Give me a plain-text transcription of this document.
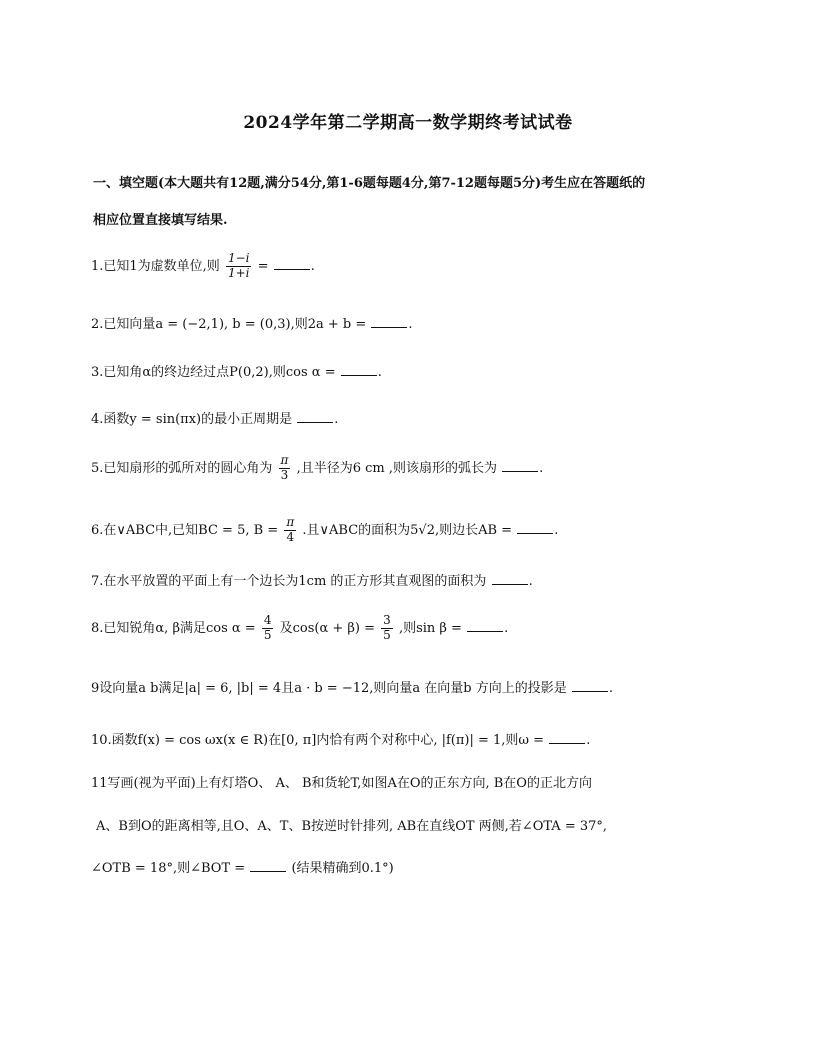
2024学年第二学期高一数学期终考试试卷
一、填空题(本大题共有12题,满分54分,第1-6题每题4分,第7-12题每题5分)考生应在答题纸的
相应位置直接填写结果.
1.已知1为虚数单位,则 $\frac{1-i}{1+i}$ =	.
2.已知向量a = (−2,1), b = (0,3),则2a + b =	.
3.已知角α的终边经过点P(0,2),则cos α =	.
4.函数y = sin(πx)的最小正周期是	.
5.已知扇形的弧所对的圆心角为 $\frac{\pi}{3}$ ,且半径为6 cm ,则该扇形的弧长为	.
6.在∨ABC中,已知BC = 5, $B = \frac{\pi}{4}$ .且∨ABC的面积为5√2,则边长AB =	.
7.在水平放置的平面上有一个边长为1cm 的正方形其直观图的面积为	.
8.已知锐角α, β满足$\cos \alpha = \frac{4}{5}$ 及$\cos(\alpha + \beta) = \frac{3}{5}$ ,则sin β =	.
9设向量a b满足|a| = 6, |b| = 4且a · b = −12,则向量a 在向量b 方向上的投影是	.
10.函数f(x) = cos ωx(x ∈ R)在[0, π]内恰有两个对称中心, |f(π)| = 1,则ω =	.
11写画(视为平面)上有灯塔O、 A、 B和货轮T,如图A在O的正东方向, B在O的正北方向
A、B到O的距离相等,且O、A、T、B按逆时针排列, AB在直线OT 两侧,若∠OTA = 37°,
∠OTB = 18°,则∠BOT =	(结果精确到0.1°)
